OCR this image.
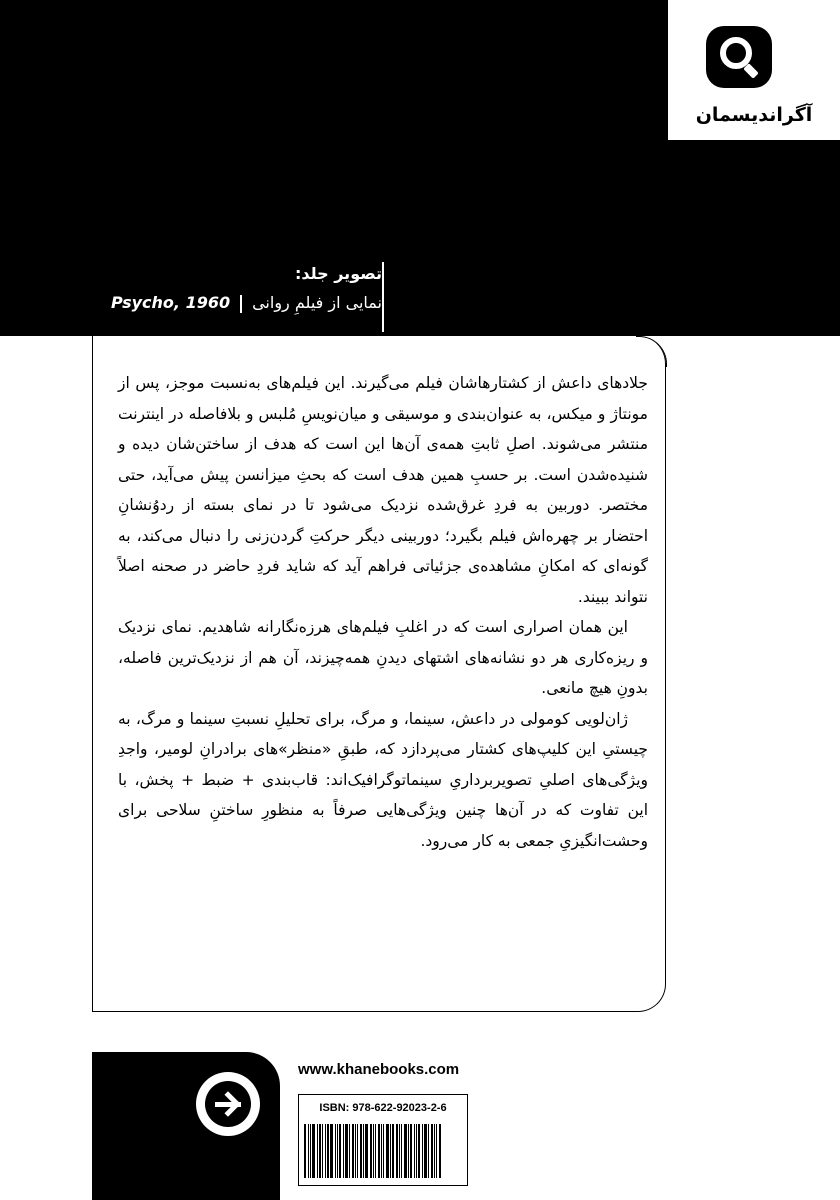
آگراندیسمان
تصویر جلد:
نمایی از فیلمِ روانیPsycho, 1960

جلادهای داعش از کشتارهاشان فیلم می‌گیرند. این فیلم‌های به‌نسبت موجز، پس از مونتاژ و میکس، به عنوان‌بندی و موسیقی و میان‌نویسِ مُلبس و بلافاصله در اینترنت منتشر می‌شوند. اصلِ ثابتِ همه‌ی آن‌ها این است که هدف از ساختن‌شان دیده و شنیده‌شدن است. بر حسبِ همین هدف است که بحثِ میزانسن پیش می‌آید، حتی مختصر. دوربین به فردِ غرق‌شده نزدیک می‌شود تا در نمای بسته از ردوُنشانِ احتضار بر چهره‌اش فیلم بگیرد؛ دوربینی دیگر حرکتِ گردن‌زنی را دنبال می‌کند، به گونه‌ای که امکانِ مشاهده‌ی جزئیاتی فراهم آید که شاید فردِ حاضر در صحنه اصلاً نتواند ببیند.

این همان اصراری است که در اغلبِ فیلم‌های هرزه‌نگارانه شاهدیم. نمای نزدیک و ریزه‌کاری هر دو نشانه‌های اشتهای دیدنِ همه‌چیزند، آن هم از نزدیک‌ترین فاصله، بدونِ هیچ مانعی.

ژان‌لویی کومولی در داعش، سینما، و مرگ، برای تحلیلِ نسبتِ سینما و مرگ، به چیستیِ این کلیپ‌های کشتار می‌پردازد که، طبقِ «منظر»های برادرانِ لومیر، واجدِ ویژگی‌های اصلیِ تصویربرداریِ سینماتوگرافیک‌اند: قاب‌بندی + ضبط + پخش، با این تفاوت که در آن‌ها چنین ویژگی‌هایی صرفاً به منظورِ ساختنِ سلاحی برای وحشت‌انگیزیِ جمعی به کار می‌رود.

www.khanebooks.com
ISBN: 978-622-92023-2-6
